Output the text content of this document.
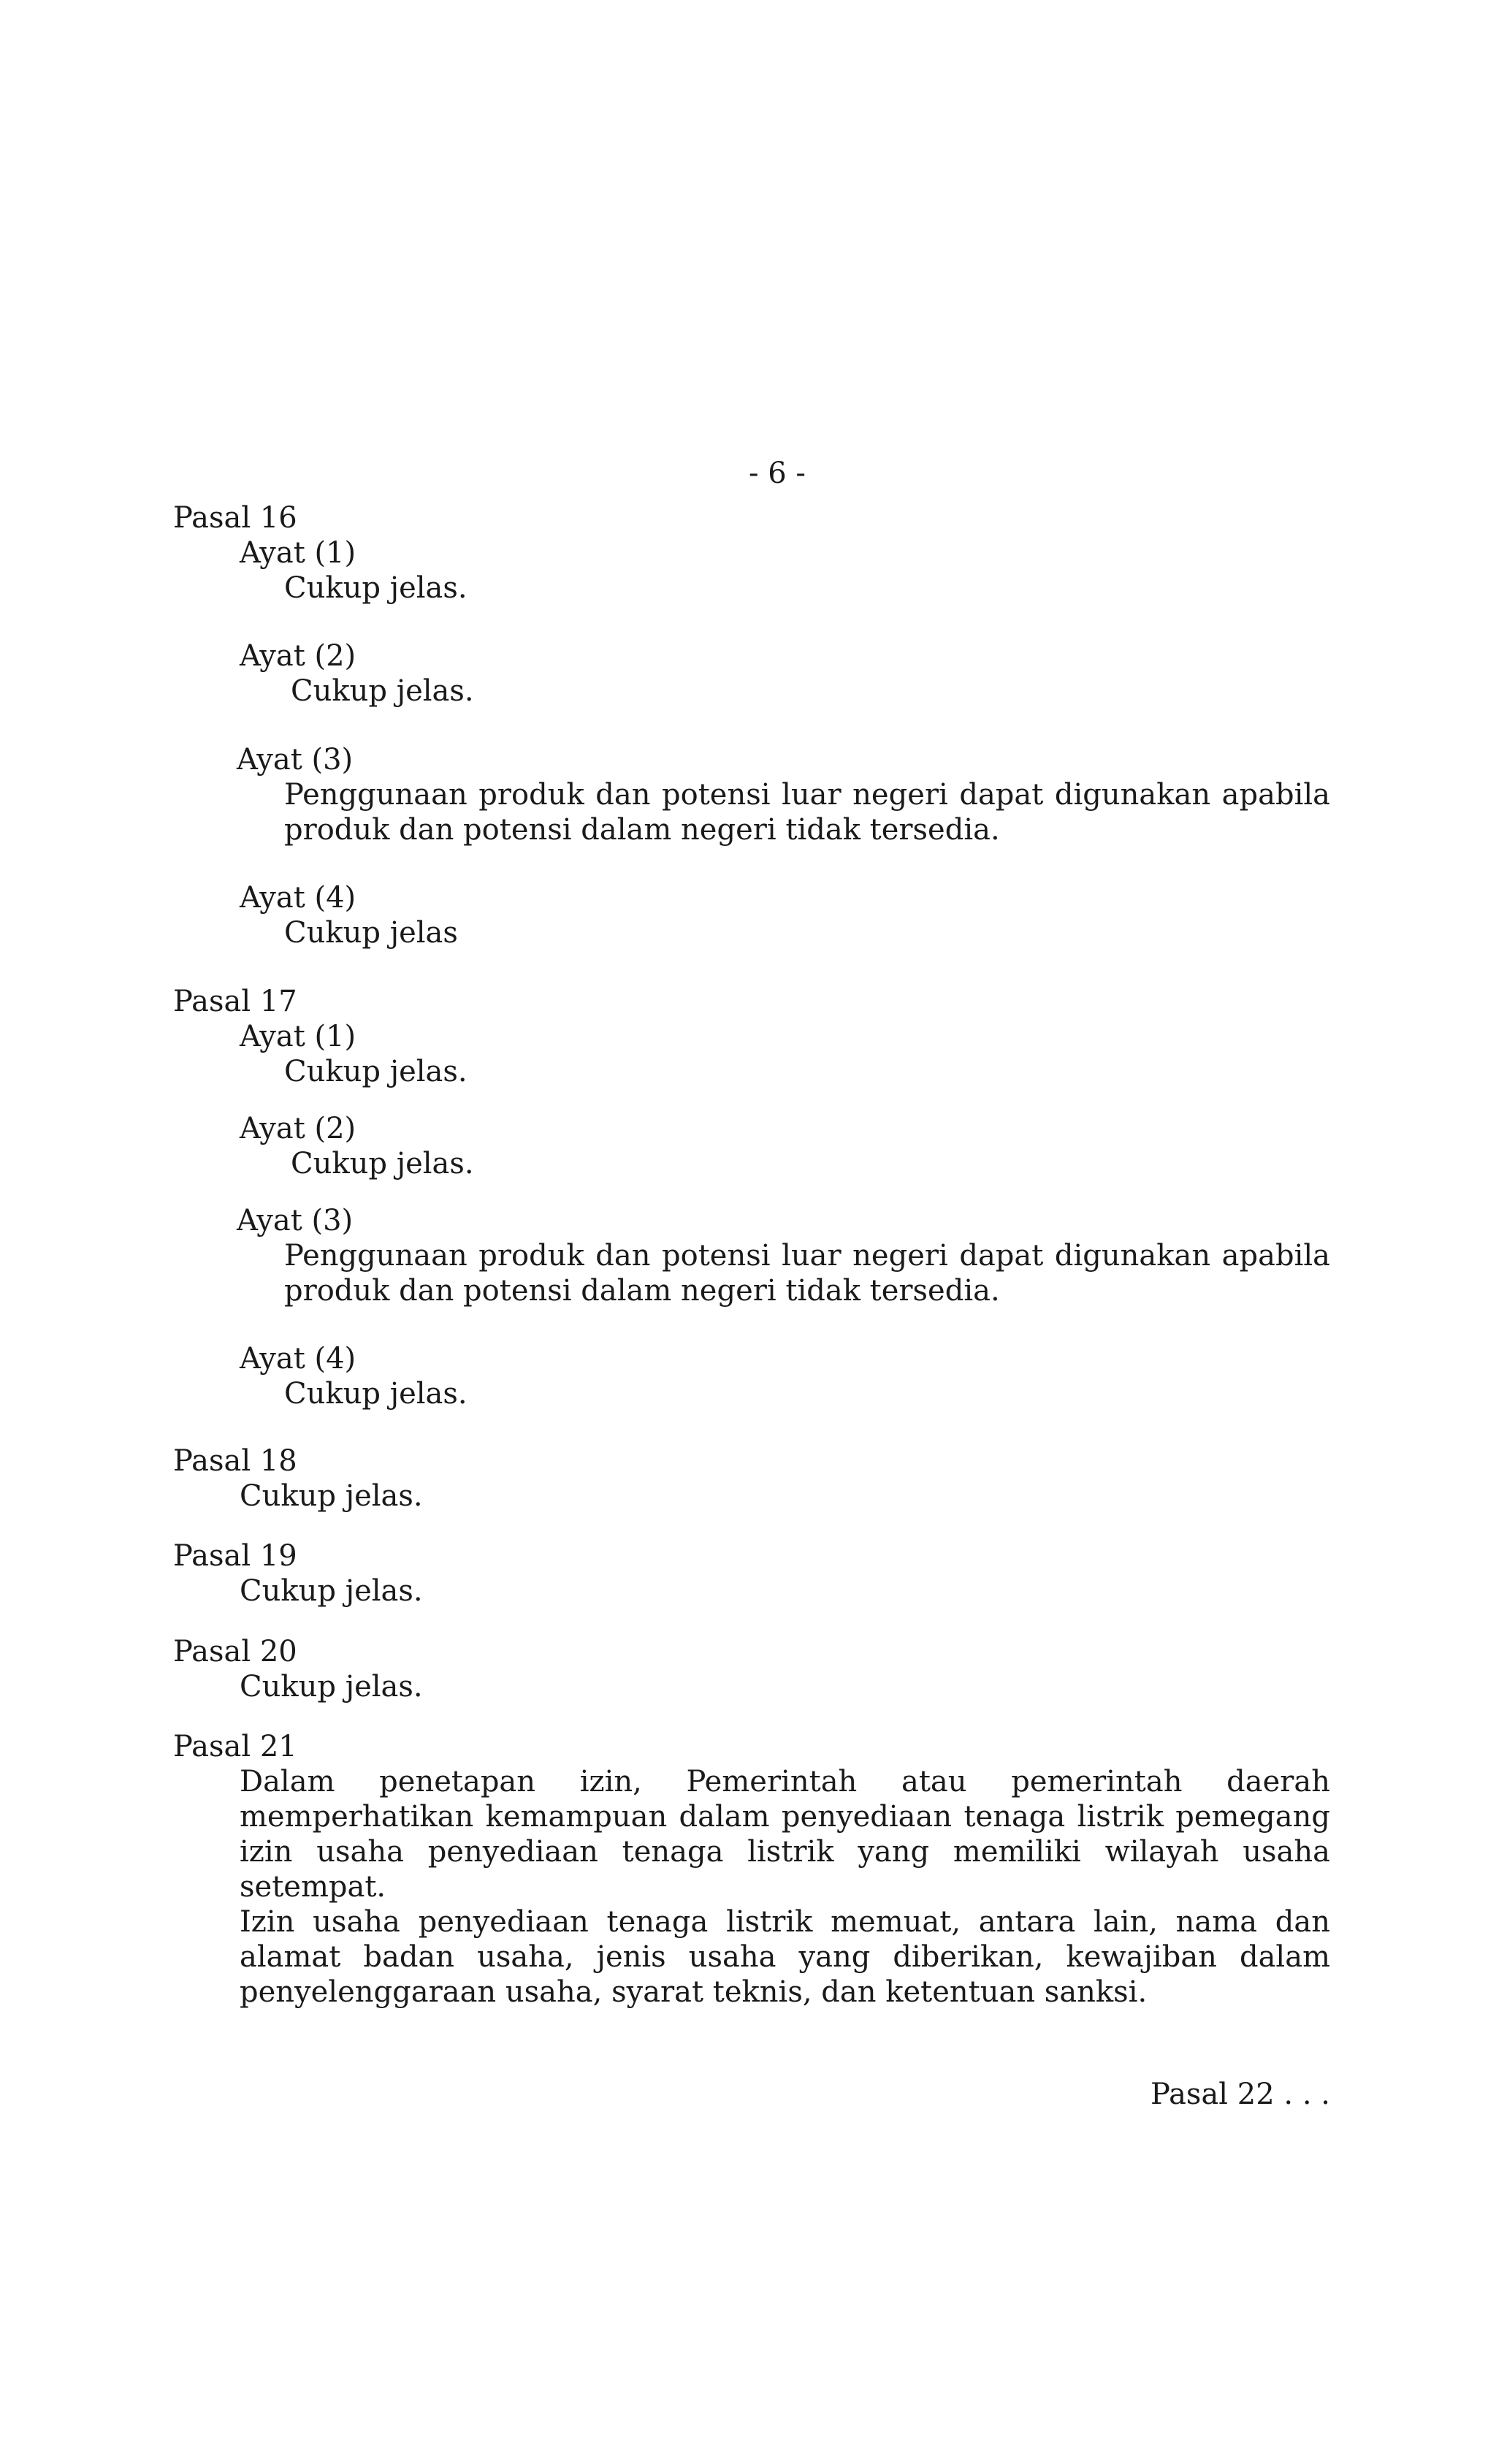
- 6 -
Pasal 16
Ayat (1)
Cukup jelas.
Ayat (2)
Cukup jelas.
Ayat (3)
Penggunaan produk dan potensi luar negeri dapat digunakan apabila produk dan potensi dalam negeri tidak tersedia.
Ayat (4)
Cukup jelas
Pasal 17
Ayat (1)
Cukup jelas.
Ayat (2)
Cukup jelas.
Ayat (3)
Penggunaan produk dan potensi luar negeri dapat digunakan apabila produk dan potensi dalam negeri tidak tersedia.
Ayat (4)
Cukup jelas.
Pasal 18
Cukup jelas.
Pasal 19
Cukup jelas.
Pasal 20
Cukup jelas.
Pasal 21
Dalam penetapan izin, Pemerintah atau pemerintah daerah memperhatikan kemampuan dalam penyediaan tenaga listrik pemegang izin usaha penyediaan tenaga listrik yang memiliki wilayah usaha setempat.
Izin usaha penyediaan tenaga listrik memuat, antara lain, nama dan alamat badan usaha, jenis usaha yang diberikan, kewajiban dalam penyelenggaraan usaha, syarat teknis, dan ketentuan sanksi.
Pasal 22 . . .
